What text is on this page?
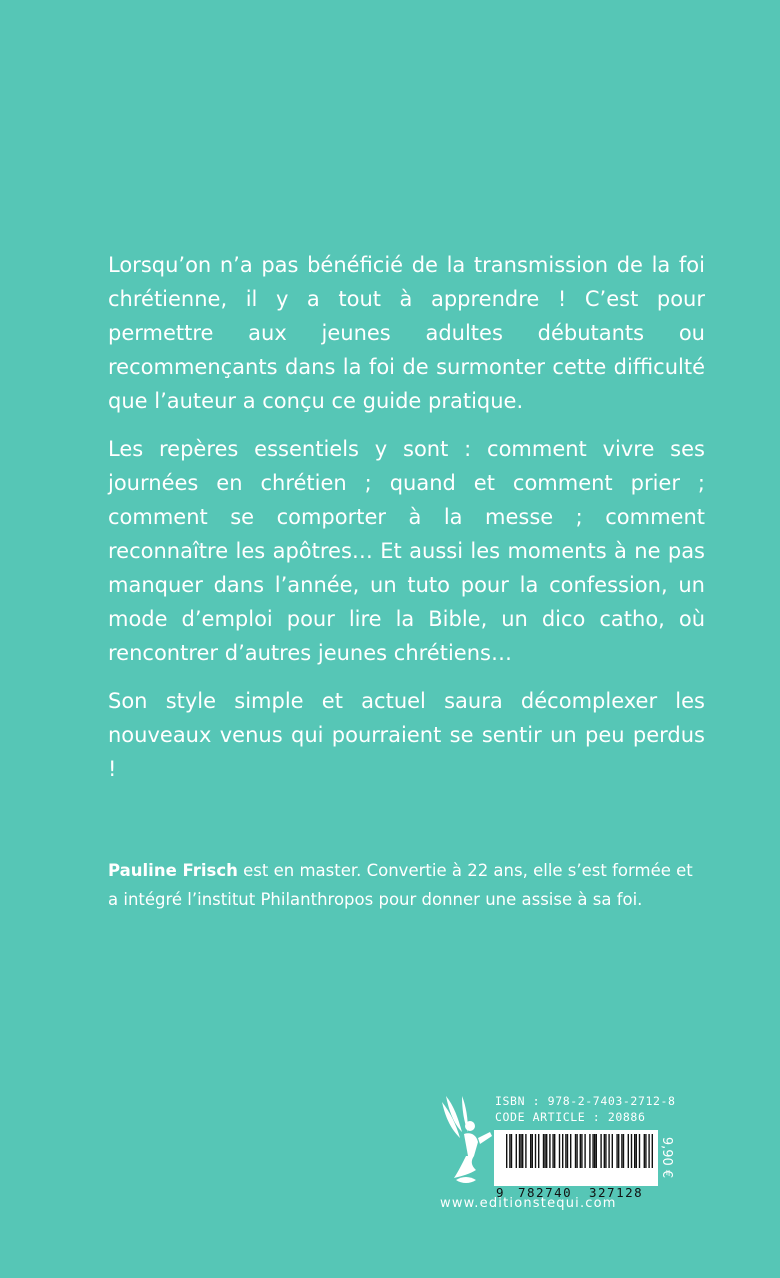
Lorsqu’on n’a pas bénéficié de la transmission de la foi chrétienne, il y a tout à apprendre ! C’est pour permettre aux jeunes adultes débutants ou recommençants dans la foi de surmonter cette difficulté que l’auteur a conçu ce guide pratique.

Les repères essentiels y sont : comment vivre ses journées en chrétien ; quand et comment prier ; comment se comporter à la messe ; comment reconnaître les apôtres… Et aussi les moments à ne pas manquer dans l’année, un tuto pour la confession, un mode d’emploi pour lire la Bible, un dico catho, où rencontrer d’autres jeunes chrétiens…

Son style simple et actuel saura décomplexer les nouveaux venus qui pourraient se sentir un peu perdus !

Pauline Frisch est en master. Convertie à 22 ans, elle s’est formée et a intégré l’institut Philanthropos pour donner une assise à sa foi.
ISBN : 978-2-7403-2712-8
CODE ARTICLE : 20886
9 782740 327128
9,90 €
www.editionstequi.com
